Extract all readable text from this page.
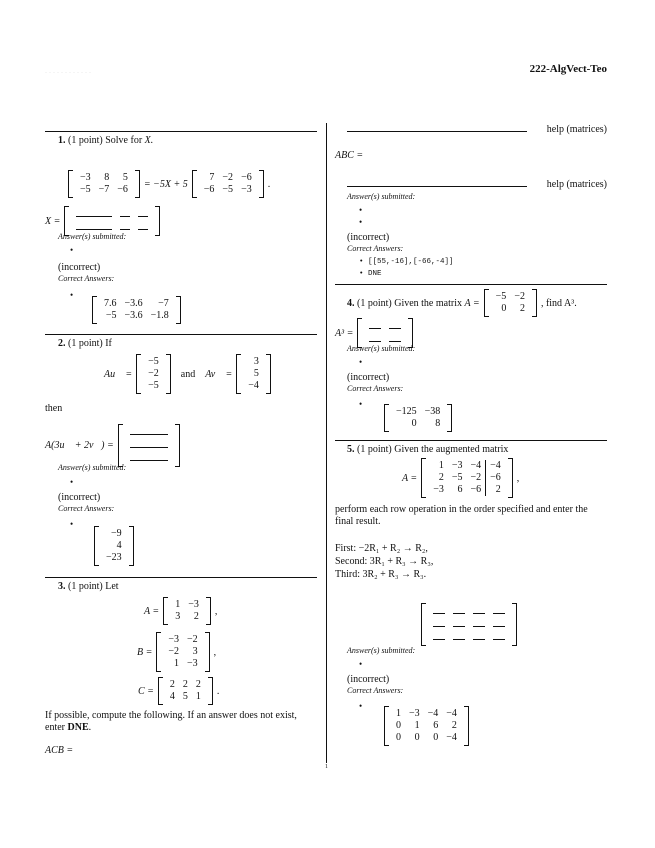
............	222-AlgVect-Teo
1. (1 point) Solve for X.
−3	8	5
−5	−7	−6 = −5X + 5
7	−2	−6
−6	−5	−3 .
X =

Answer(s) submitted:
•
(incorrect)
Correct Answers:
•
7.6	−3.6	−7
−5	−3.6	−1.8
2. (1 point) If
Au⃗ =
−5
−2
−5
and Av⃗ =
3
5
−4
then
A(3u⃗ + 2v⃗) =

Answer(s) submitted:
•
(incorrect)
Correct Answers:
•
−9
4
−23
3. (1 point) Let
A =
1	−3
3	2 ,
B =
−3	−2
−2	3
1	−3
,
C =
2	2	2
4	5	1 .
If possible, compute the following. If an answer does not exist, enter DNE.
ACB =
help (matrices)
ABC =
help (matrices)
Answer(s) submitted:
•
•
(incorrect)
Correct Answers:
• [[55,-16],[-66,-4]]
• DNE
4. (1 point) Given the matrix A =
−5	−2
0	2 , find A³.
A³ =

Answer(s) submitted:
•
(incorrect)
Correct Answers:
•
−125	−38
0	8
5. (1 point) Given the augmented matrix
A =
1	−3	−4	−4
2	−5	−2	−6
−3	6	−6	2
,
perform each row operation in the order specified and enter the final result.
First: −2R₁ + R₂ → R₂,
Second: 3R₁ + R₃ → R₃,
Third: 3R₂ + R₃ → R₃.

Answer(s) submitted:
•
(incorrect)
Correct Answers:
•
1	−3	−4	−4
0	1	6	2
0	0	0	−4
1
